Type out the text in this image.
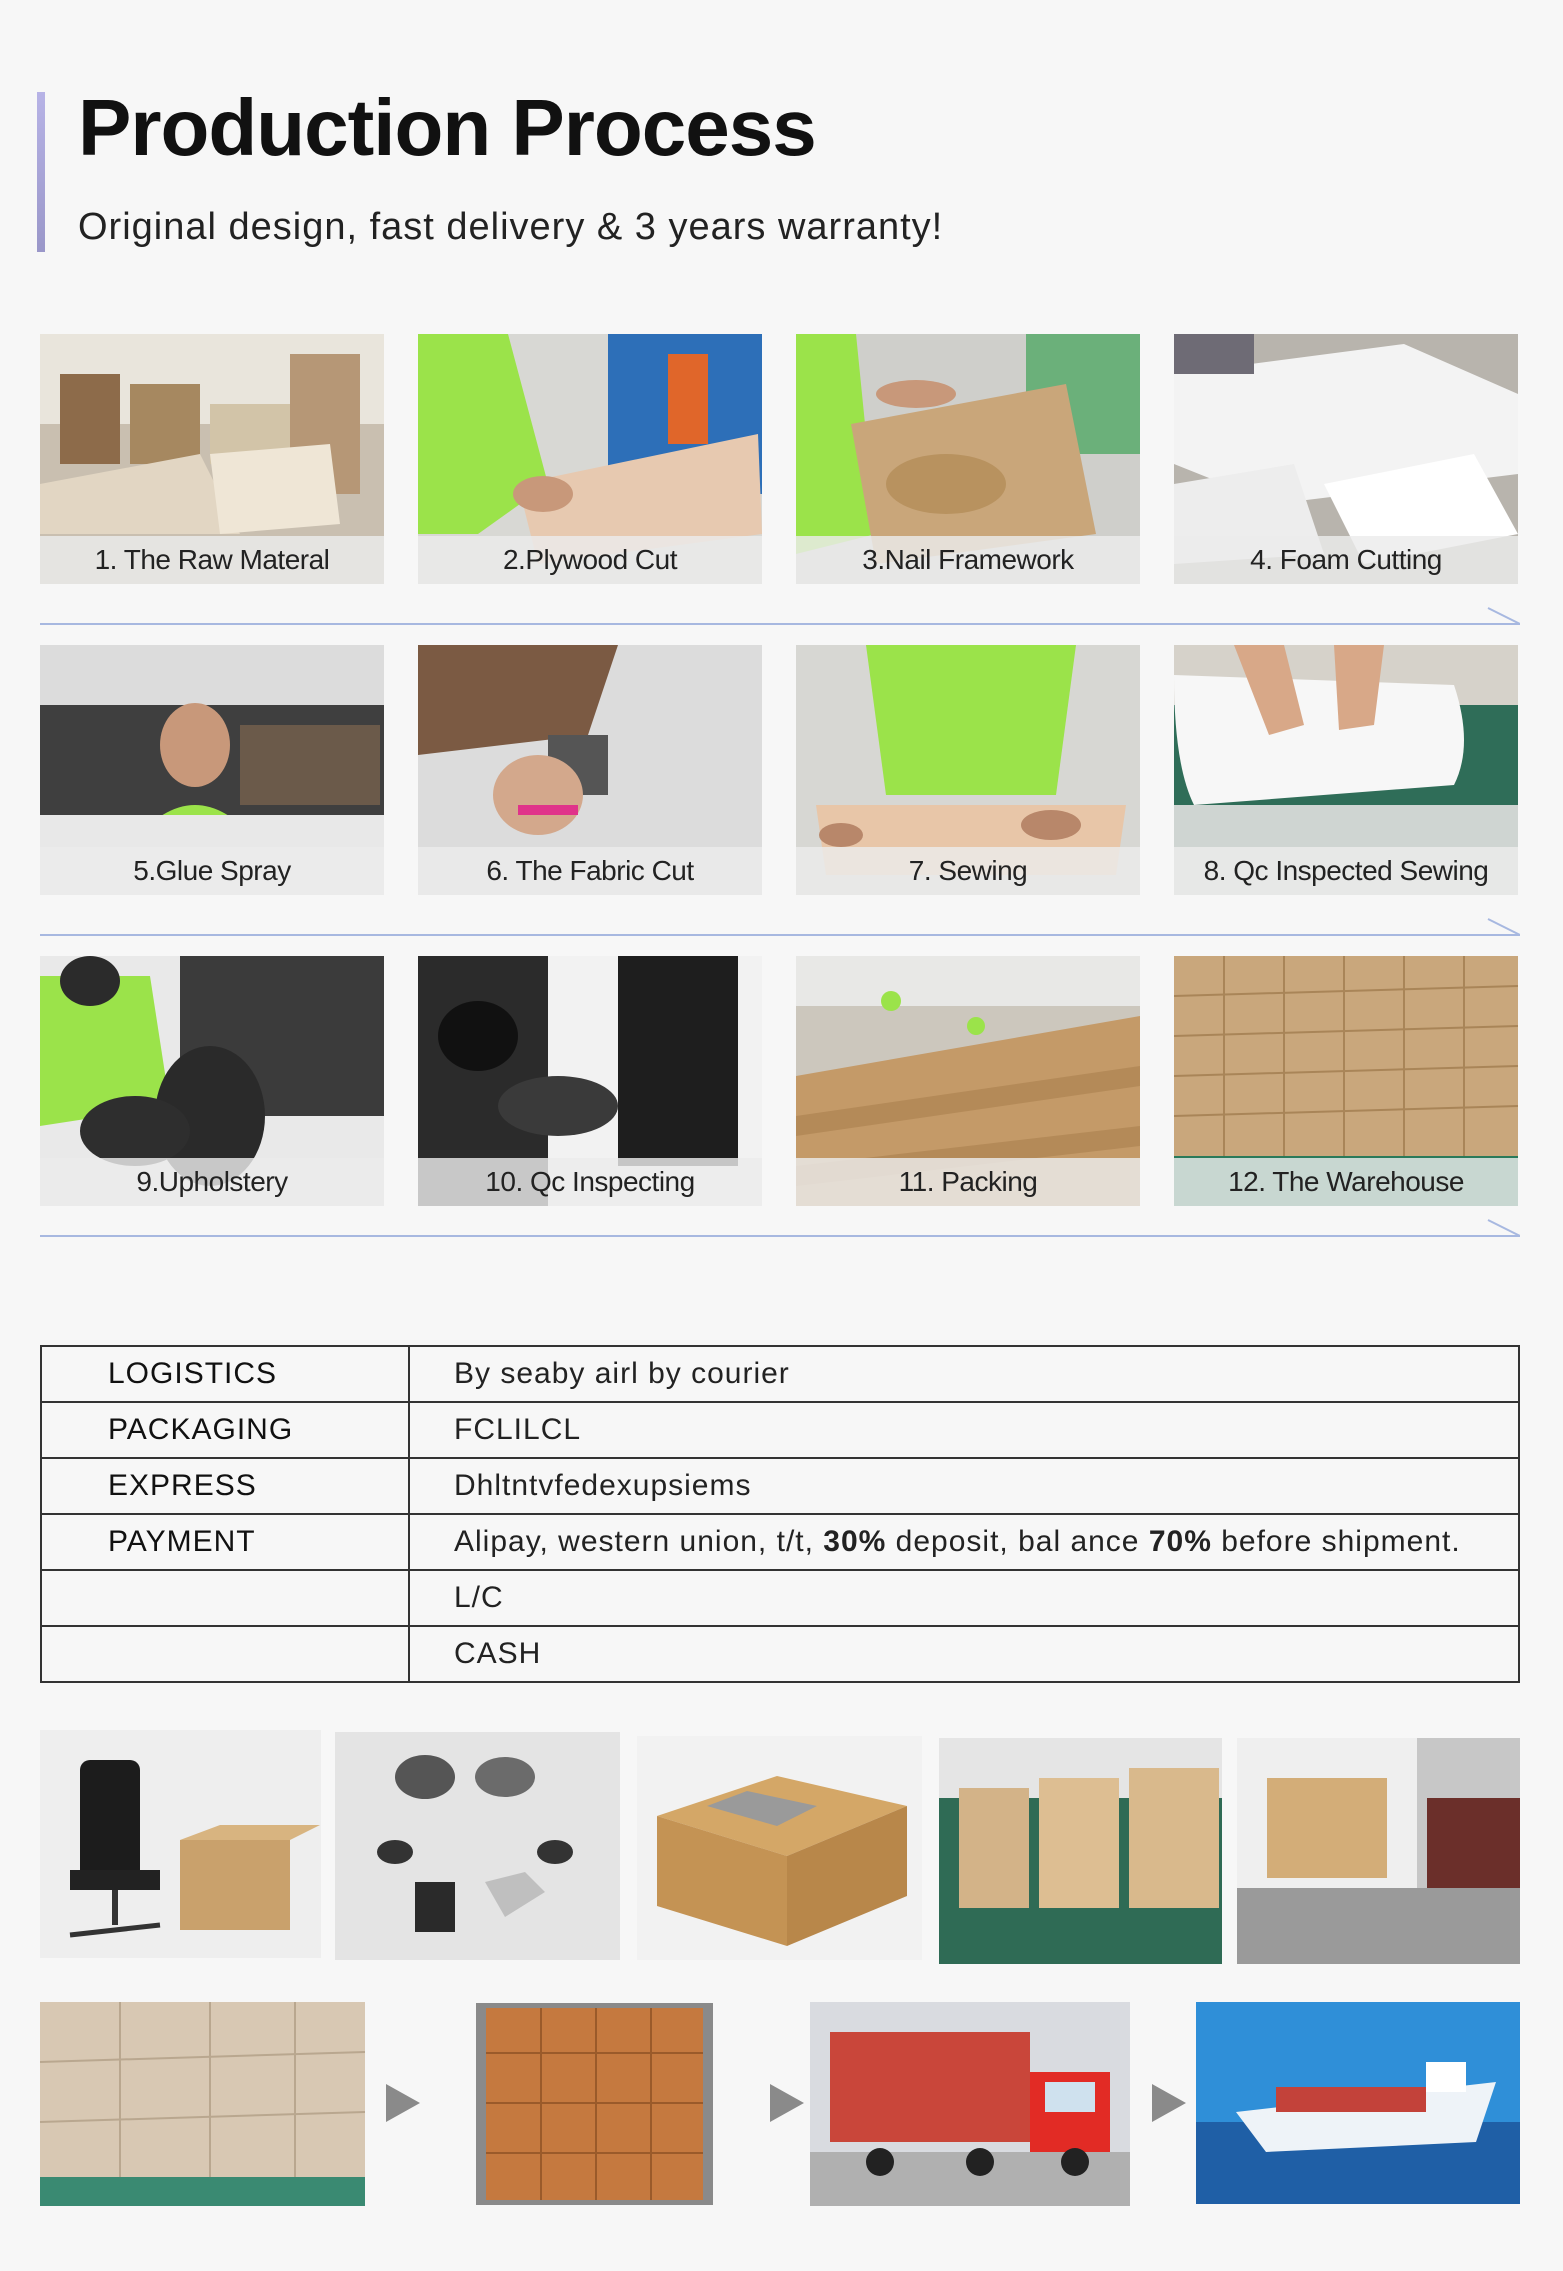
Production Process

Original design, fast delivery & 3 years warranty!

1. The Raw Materal	2.Plywood Cut	3.Nail Framework	4. Foam Cutting
5.Glue Spray	6. The Fabric Cut	7. Sewing	8. Qc Inspected Sewing
9.Upholstery	10. Qc Inspecting	11. Packing	12. The Warehouse
LOGISTICS	By seaby airl by courier
PACKAGING	FCLILCL
EXPRESS	Dhltntvfedexupsiems
PAYMENT	Alipay, western union, t/t, 30% deposit, bal ance 70% before shipment.
	L/C
	CASH
